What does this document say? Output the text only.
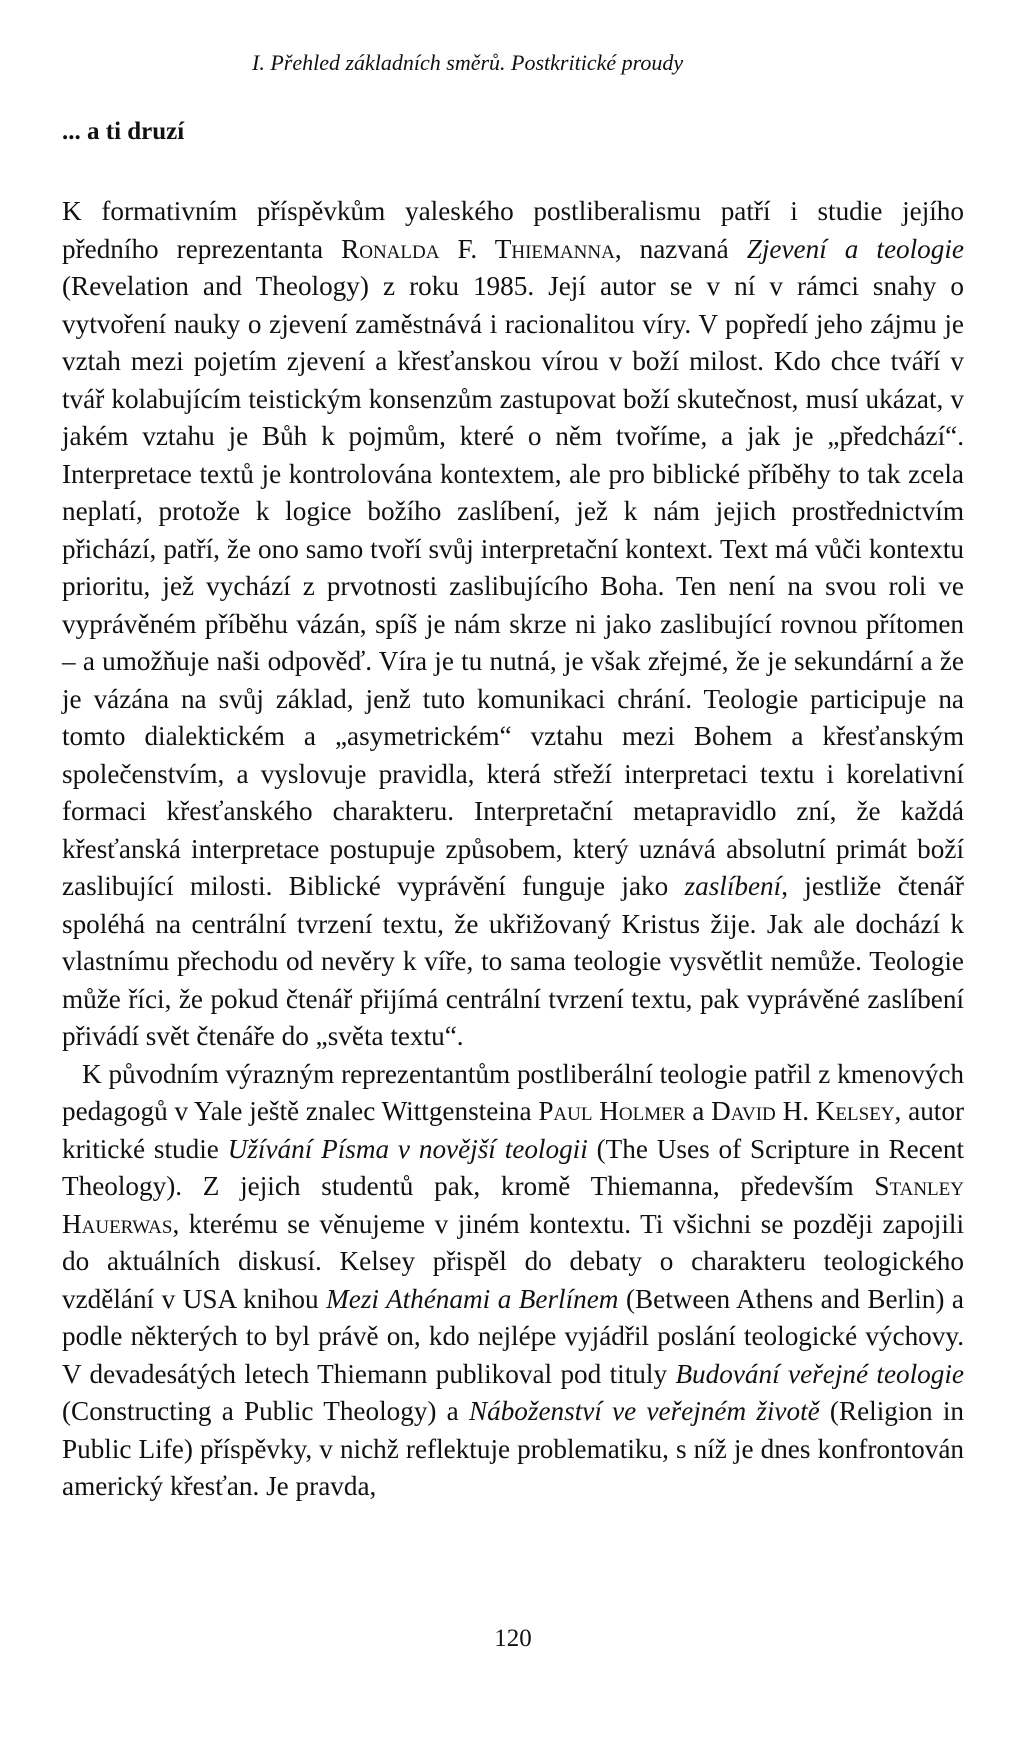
I. Přehled základních směrů. Postkritické proudy
... a ti druzí

K formativním příspěvkům yaleského postliberalismu patří i studie jejího předního reprezentanta Ronalda F. Thiemanna, nazvaná Zjevení a teologie (Revelation and Theology) z roku 1985. Její autor se v ní v rámci snahy o vytvoření nauky o zjevení zaměstnává i racionalitou víry. V popředí jeho zájmu je vztah mezi pojetím zjevení a křesťanskou vírou v boží milost. Kdo chce tváří v tvář kolabujícím teistickým konsenzům zastupovat boží skutečnost, musí ukázat, v jakém vztahu je Bůh k pojmům, které o něm tvoříme, a jak je „předchází“. Interpretace textů je kontrolována kontextem, ale pro biblické příběhy to tak zcela neplatí, protože k logice božího zaslíbení, jež k nám jejich prostřednictvím přichází, patří, že ono samo tvoří svůj interpretační kontext. Text má vůči kontextu prioritu, jež vychází z prvotnosti zaslibujícího Boha. Ten není na svou roli ve vyprávěném příběhu vázán, spíš je nám skrze ni jako zaslibující rovnou přítomen – a umožňuje naši odpověď. Víra je tu nutná, je však zřejmé, že je sekundární a že je vázána na svůj základ, jenž tuto komunikaci chrání. Teologie participuje na tomto dialektickém a „asymetrickém“ vztahu mezi Bohem a křesťanským společenstvím, a vyslovuje pravidla, která střeží interpretaci textu i korelativní formaci křesťanského charakteru. Interpretační metapravidlo zní, že každá křesťanská interpretace postupuje způsobem, který uznává absolutní primát boží zaslibující milosti. Biblické vyprávění funguje jako zaslíbení, jestliže čtenář spoléhá na centrální tvrzení textu, že ukřižovaný Kristus žije. Jak ale dochází k vlastnímu přechodu od nevěry k víře, to sama teologie vysvětlit nemůže. Teologie může říci, že pokud čtenář přijímá centrální tvrzení textu, pak vyprávěné zaslíbení přivádí svět čtenáře do „světa textu“.

K původním výrazným reprezentantům postliberální teologie patřil z kmenových pedagogů v Yale ještě znalec Wittgensteina Paul Holmer a David H. Kelsey, autor kritické studie Užívání Písma v novější teologii (The Uses of Scripture in Recent Theology). Z jejich studentů pak, kromě Thiemanna, především Stanley Hauerwas, kterému se věnujeme v jiném kontextu. Ti všichni se později zapojili do aktuálních diskusí. Kelsey přispěl do debaty o charakteru teologického vzdělání v USA knihou Mezi Athénami a Berlínem (Between Athens and Berlin) a podle některých to byl právě on, kdo nejlépe vyjádřil poslání teologické výchovy. V devadesátých letech Thiemann publikoval pod tituly Budování veřejné teologie (Constructing a Public Theology) a Náboženství ve veřejném životě (Religion in Public Life) příspěvky, v nichž reflektuje problematiku, s níž je dnes konfrontován americký křesťan. Je pravda,

120
